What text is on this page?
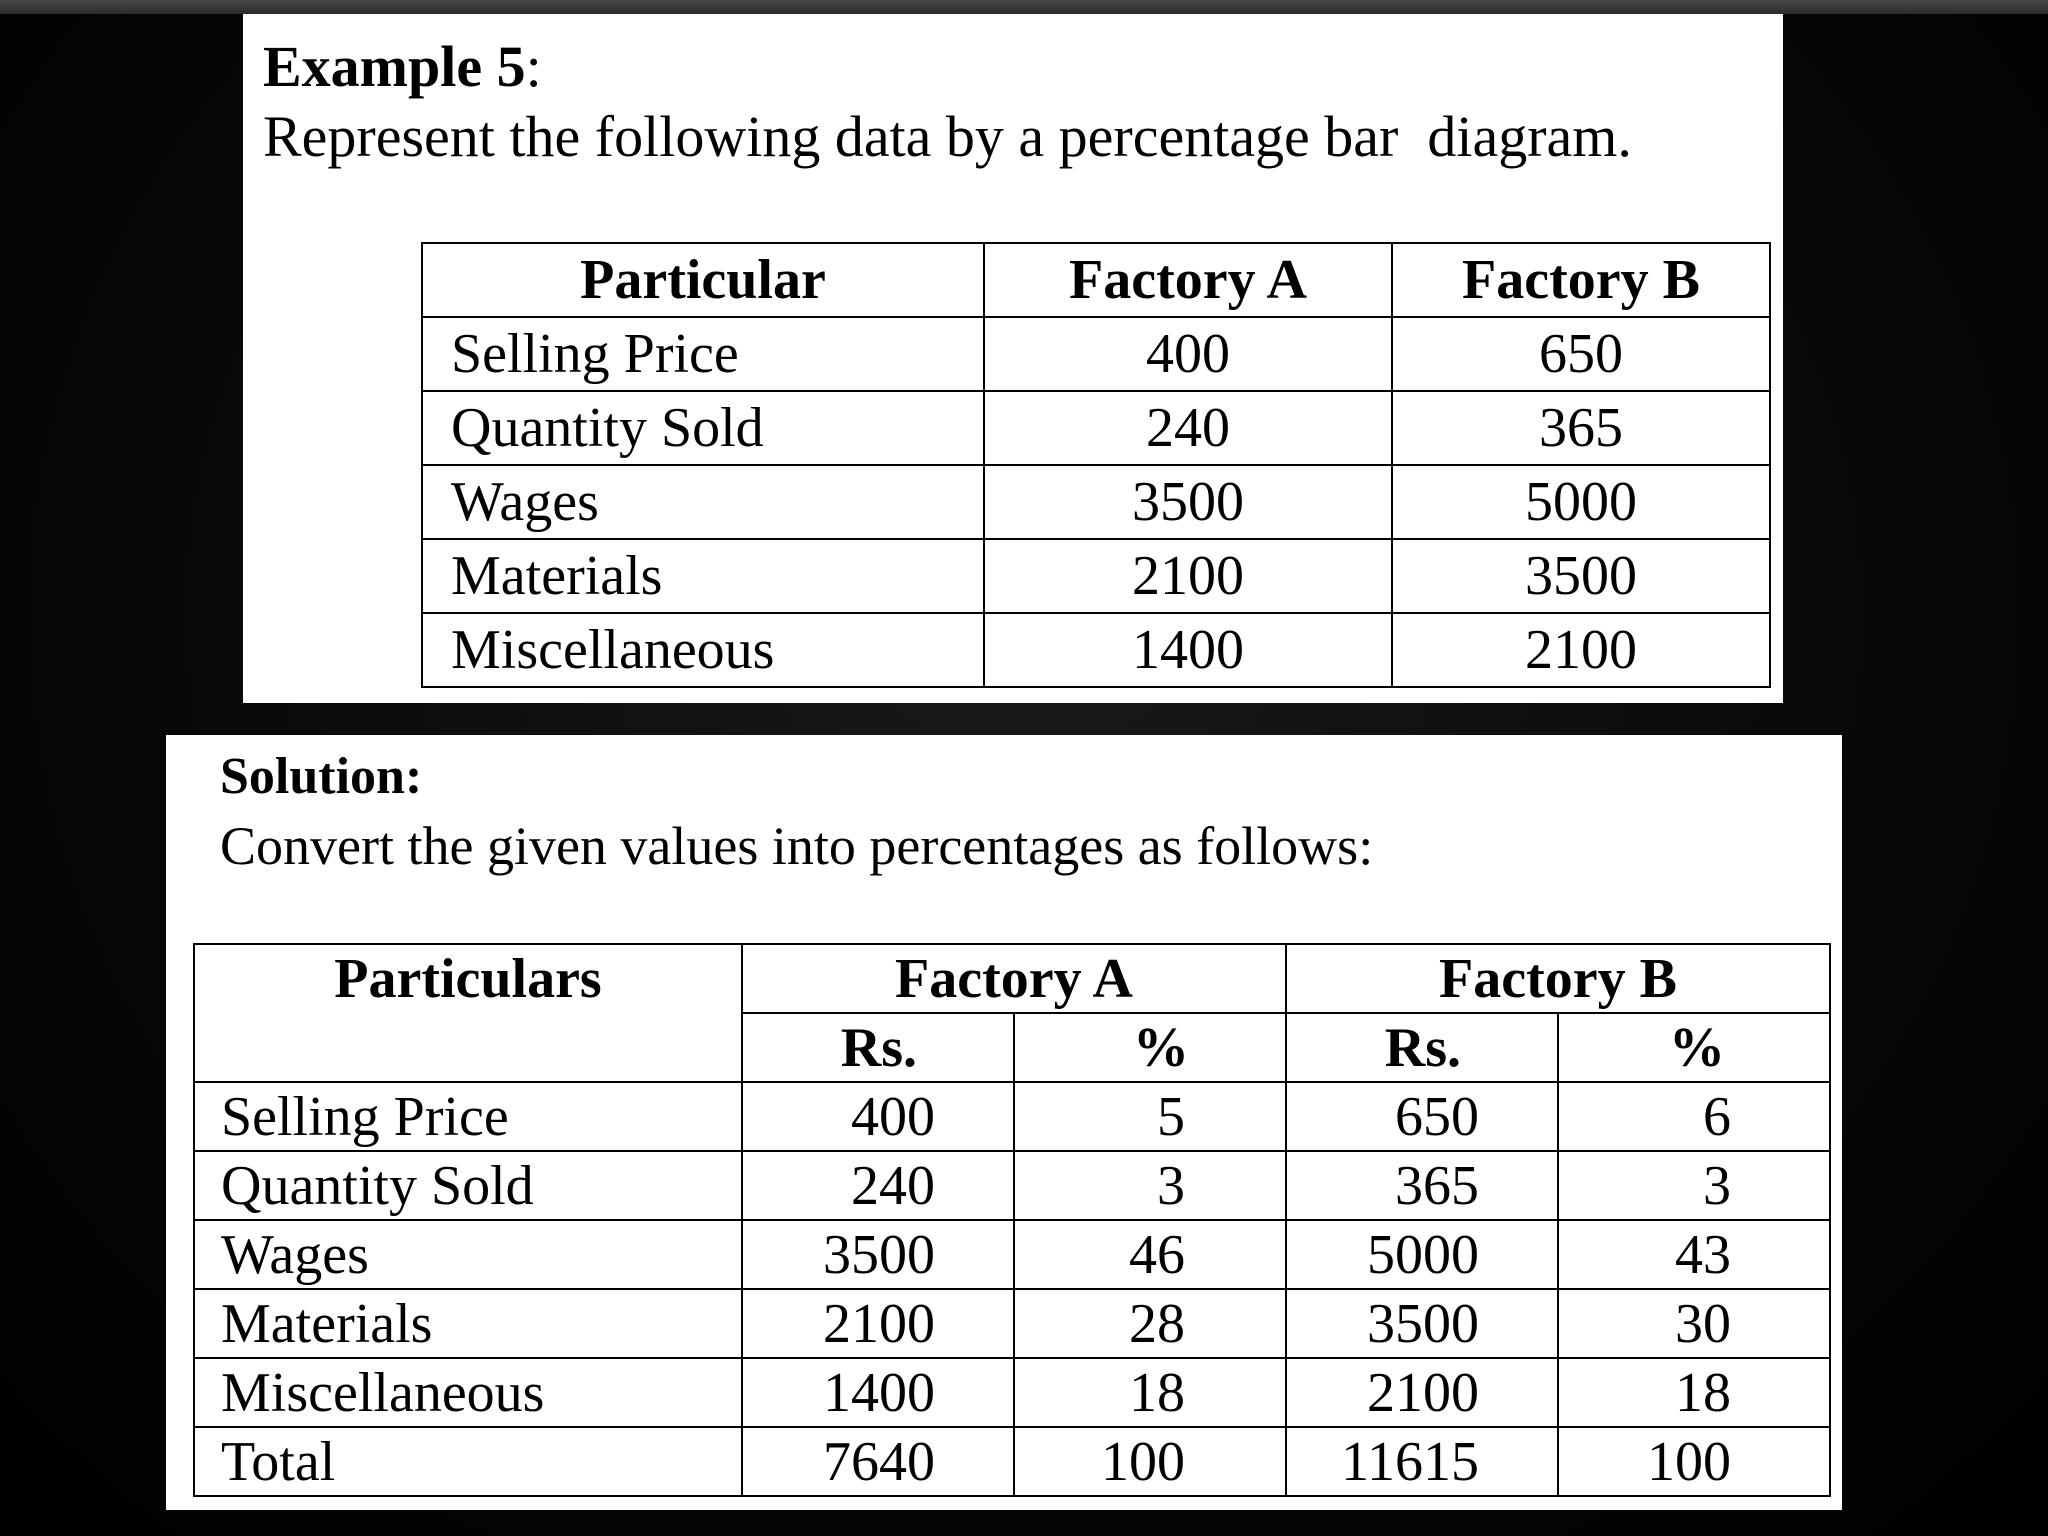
Example 5:
Represent the following data by a percentage bar  diagram.
Particular	Factory A	Factory B
Selling Price	400	650
Quantity Sold	240	365
Wages	3500	5000
Materials	2100	3500
Miscellaneous	1400	2100
Solution:
Convert the given values into percentages as follows:
Particulars	Factory A		Factory B	
	Rs.	%	Rs.	%
Selling Price	400	5	650	6
Quantity Sold	240	3	365	3
Wages	3500	46	5000	43
Materials	2100	28	3500	30
Miscellaneous	1400	18	2100	18
Total	7640	100	11615	100
